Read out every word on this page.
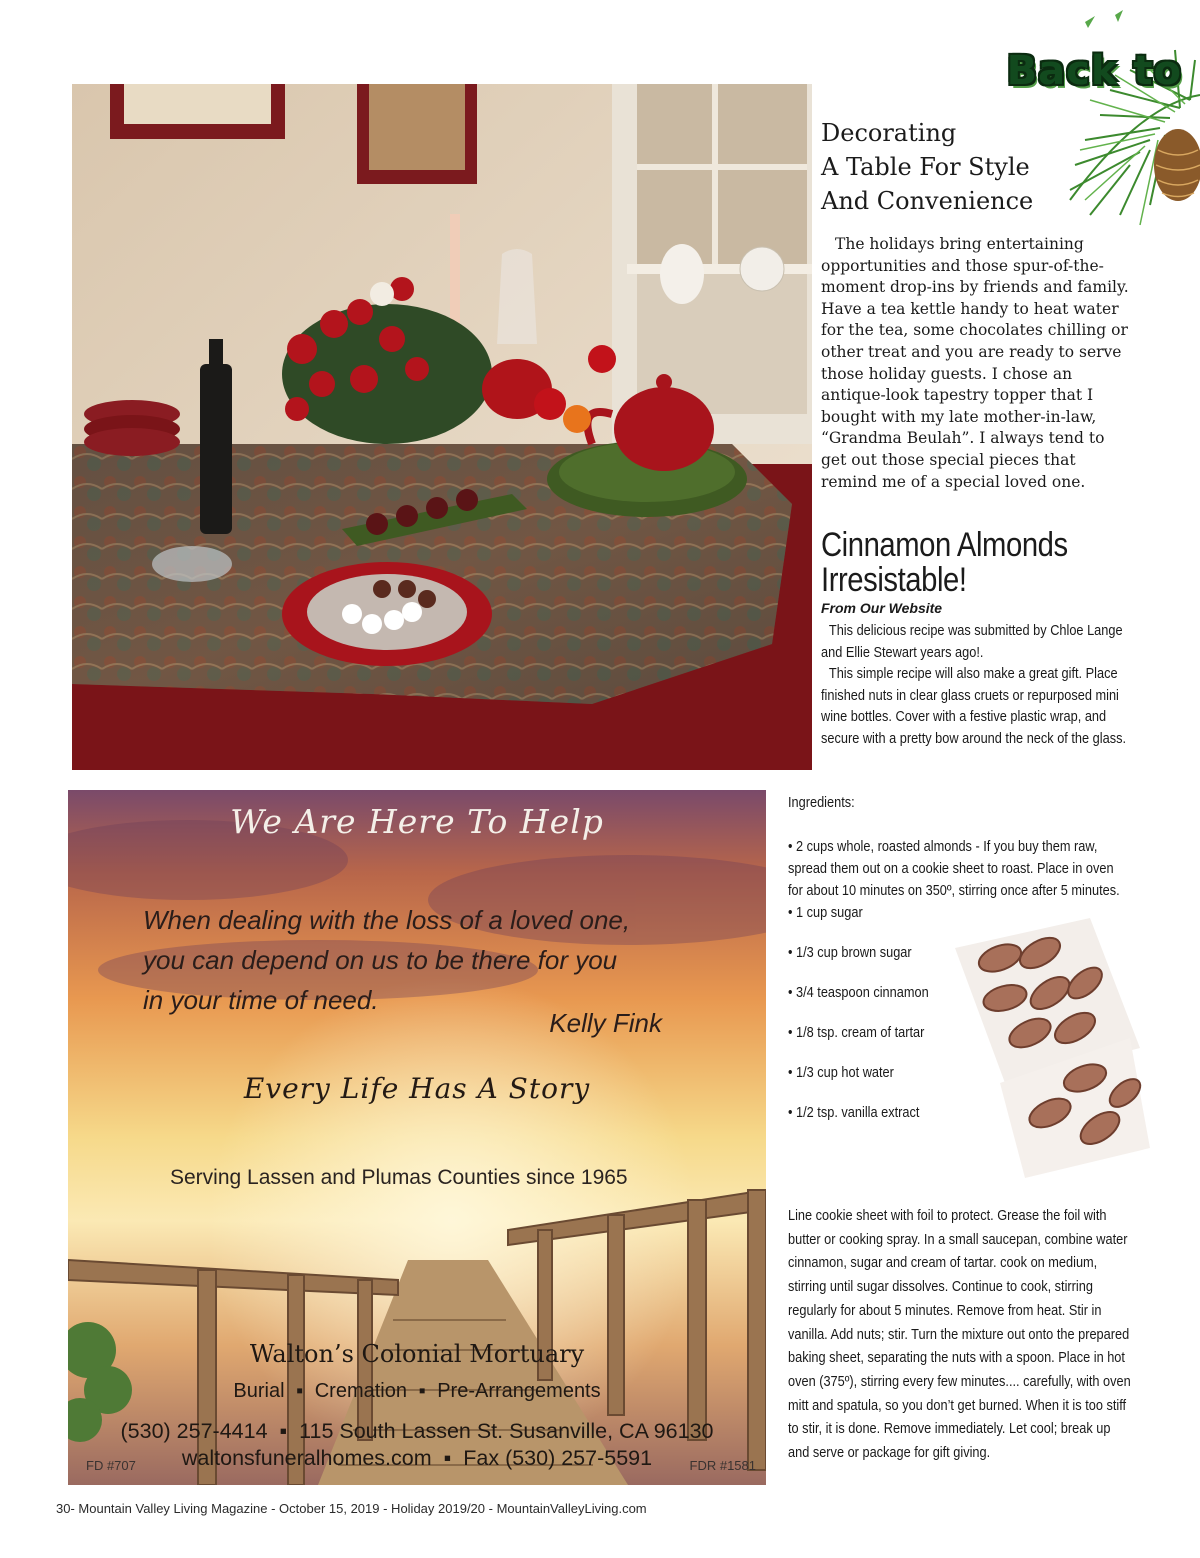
Back to
Decorating
A Table For Style
And Convenience
The holidays bring entertaining opportunities and those spur-of-the-moment drop-ins by friends and family. Have a tea kettle handy to heat water for the tea, some chocolates chilling or other treat and you are ready to serve those holiday guests. I chose an antique-look tapestry topper that I bought with my late mother-in-law, “Grandma Beulah”. I always tend to get out those special pieces that remind me of a special loved one.
Cinnamon Almonds
Irresistable!
From Our Website

This delicious recipe was submitted by Chloe Lange and Ellie Stewart years ago!.

This simple recipe will also make a great gift. Place finished nuts in clear glass cruets or repurposed mini wine bottles. Cover with a festive plastic wrap, and secure with a pretty bow around the neck of the glass.

Ingredients:
• 2 cups whole, roasted almonds - If you buy them raw, spread them out on a cookie sheet to roast. Place in oven for about 10 minutes on 350º, stirring once after 5 minutes.
• 1 cup sugar
• 1/3 cup brown sugar
• 3/4 teaspoon cinnamon
• 1/8 tsp. cream of tartar
• 1/3 cup hot water
• 1/2 tsp. vanilla extract
Line cookie sheet with foil to protect. Grease the foil with butter or cooking spray. In a small saucepan, combine water cinnamon, sugar and cream of tartar. cook on medium, stirring until sugar dissolves. Continue to cook, stirring regularly for about 5 minutes. Remove from heat. Stir in vanilla. Add nuts; stir. Turn the mixture out onto the prepared baking sheet, separating the nuts with a spoon. Place in hot oven (375º), stirring every few minutes.... carefully, with oven mitt and spatula, so you don’t get burned. When it is too stiff to stir, it is done. Remove immediately. Let cool; break up and serve or package for gift giving.
We Are Here To Help
When dealing with the loss of a loved one,
you can depend on us to be there for you
in your time of need.
Kelly Fink
Every Life Has A Story
Serving Lassen and Plumas Counties since 1965
Walton’s Colonial Mortuary
Burial ▪ Cremation ▪ Pre-Arrangements
(530) 257-4414 ▪ 115 South Lassen St. Susanville, CA 96130
waltonsfuneralhomes.com ▪ Fax (530) 257-5591
FD #707	FDR #1581
30- Mountain Valley Living Magazine - October 15, 2019 - Holiday 2019/20 - MountainValleyLiving.com
